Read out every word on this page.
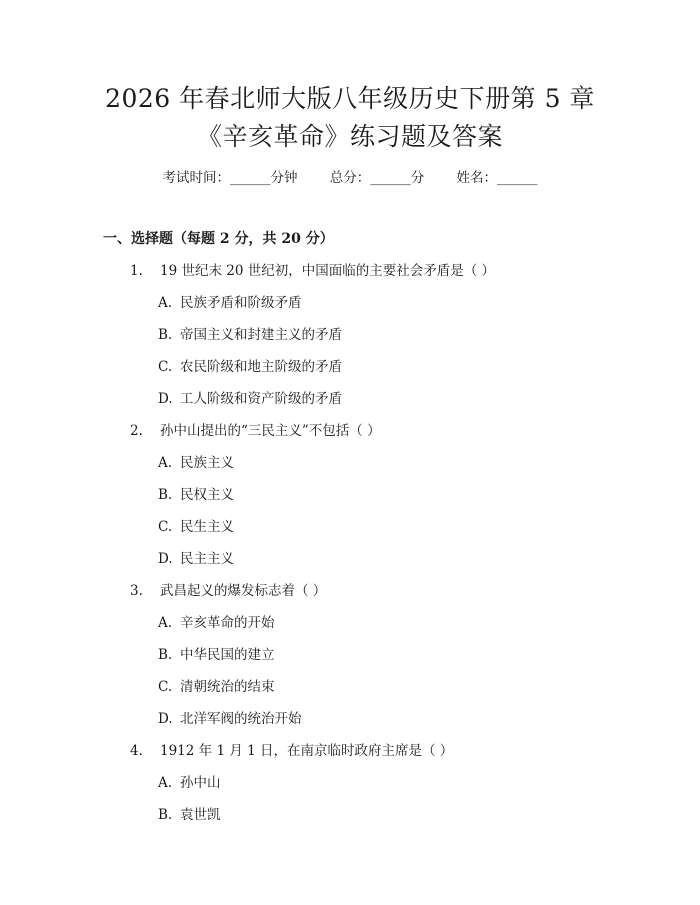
2026 年春北师大版八年级历史下册第 5 章
《辛亥革命》练习题及答案
考试时间：______分钟 总分：______分 姓名：______
一、选择题（每题 2 分，共 20 分）
1. 19 世纪末 20 世纪初，中国面临的主要社会矛盾是（ ）
A. 民族矛盾和阶级矛盾
B. 帝国主义和封建主义的矛盾
C. 农民阶级和地主阶级的矛盾
D. 工人阶级和资产阶级的矛盾
2. 孙中山提出的“三民主义”不包括（ ）
A. 民族主义
B. 民权主义
C. 民生主义
D. 民主主义
3. 武昌起义的爆发标志着（ ）
A. 辛亥革命的开始
B. 中华民国的建立
C. 清朝统治的结束
D. 北洋军阀的统治开始
4. 1912 年 1 月 1 日，在南京临时政府主席是（ ）
A. 孙中山
B. 袁世凯
